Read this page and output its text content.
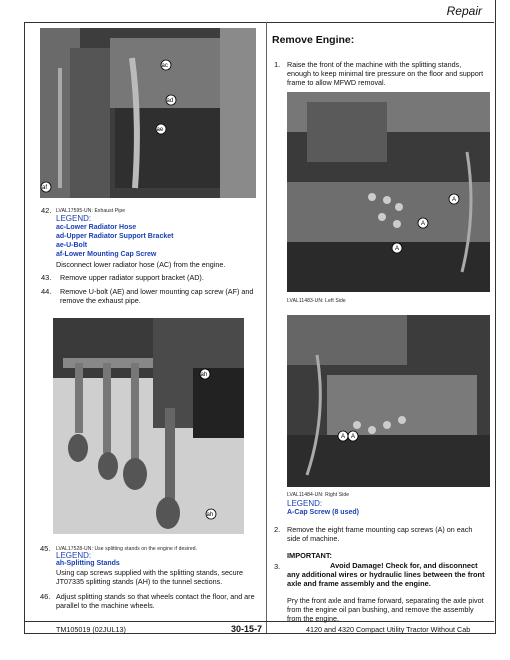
Repair
ac
ad
ae
af
42. LVAL17595-UN: Exhaust Pipe
LEGEND:
ac-Lower Radiator Hose
ad-Upper Radiator Support Bracket
ae-U-Bolt
af-Lower Mounting Cap Screw
Disconnect lower radiator hose (AC) from the engine.
43. Remove upper radiator support bracket (AD).
44. Remove U-bolt (AE) and lower mounting cap screw (AF) and
remove the exhaust pipe.
ah
ah
45. LVAL17528-UN: Use splitting stands on the engine if desired.
LEGEND:
ah-Splitting Stands
Using cap screws supplied with the splitting stands, secure
JT07335 splitting stands (AH) to the tunnel sections.
46. Adjust splitting stands so that wheels contact the floor, and are
parallel to the machine wheels.
Remove Engine:
1. Raise the front of the machine with the splitting stands,
enough to keep minimal tire pressure on the floor and support
frame to allow MFWD removal.
A
A
A
LVAL11483-UN: Left Side
A A
LVAL11484-UN: Right Side
LEGEND:
A-Cap Screw (8 used)
2. Remove the eight frame mounting cap screws (A) on each
side of machine.
IMPORTANT:
3.	Avoid Damage! Check for, and disconnect
any additional wires or hydraulic lines between the front
axle and frame assembly and the engine.
Pry the front axle and frame forward, separating the axle pivot
from the engine oil pan bushing, and remove the assembly
from the engine.
TM105019 (02JUL13)	30-15-7	4120 and 4320 Compact Utility Tractor Without Cab
